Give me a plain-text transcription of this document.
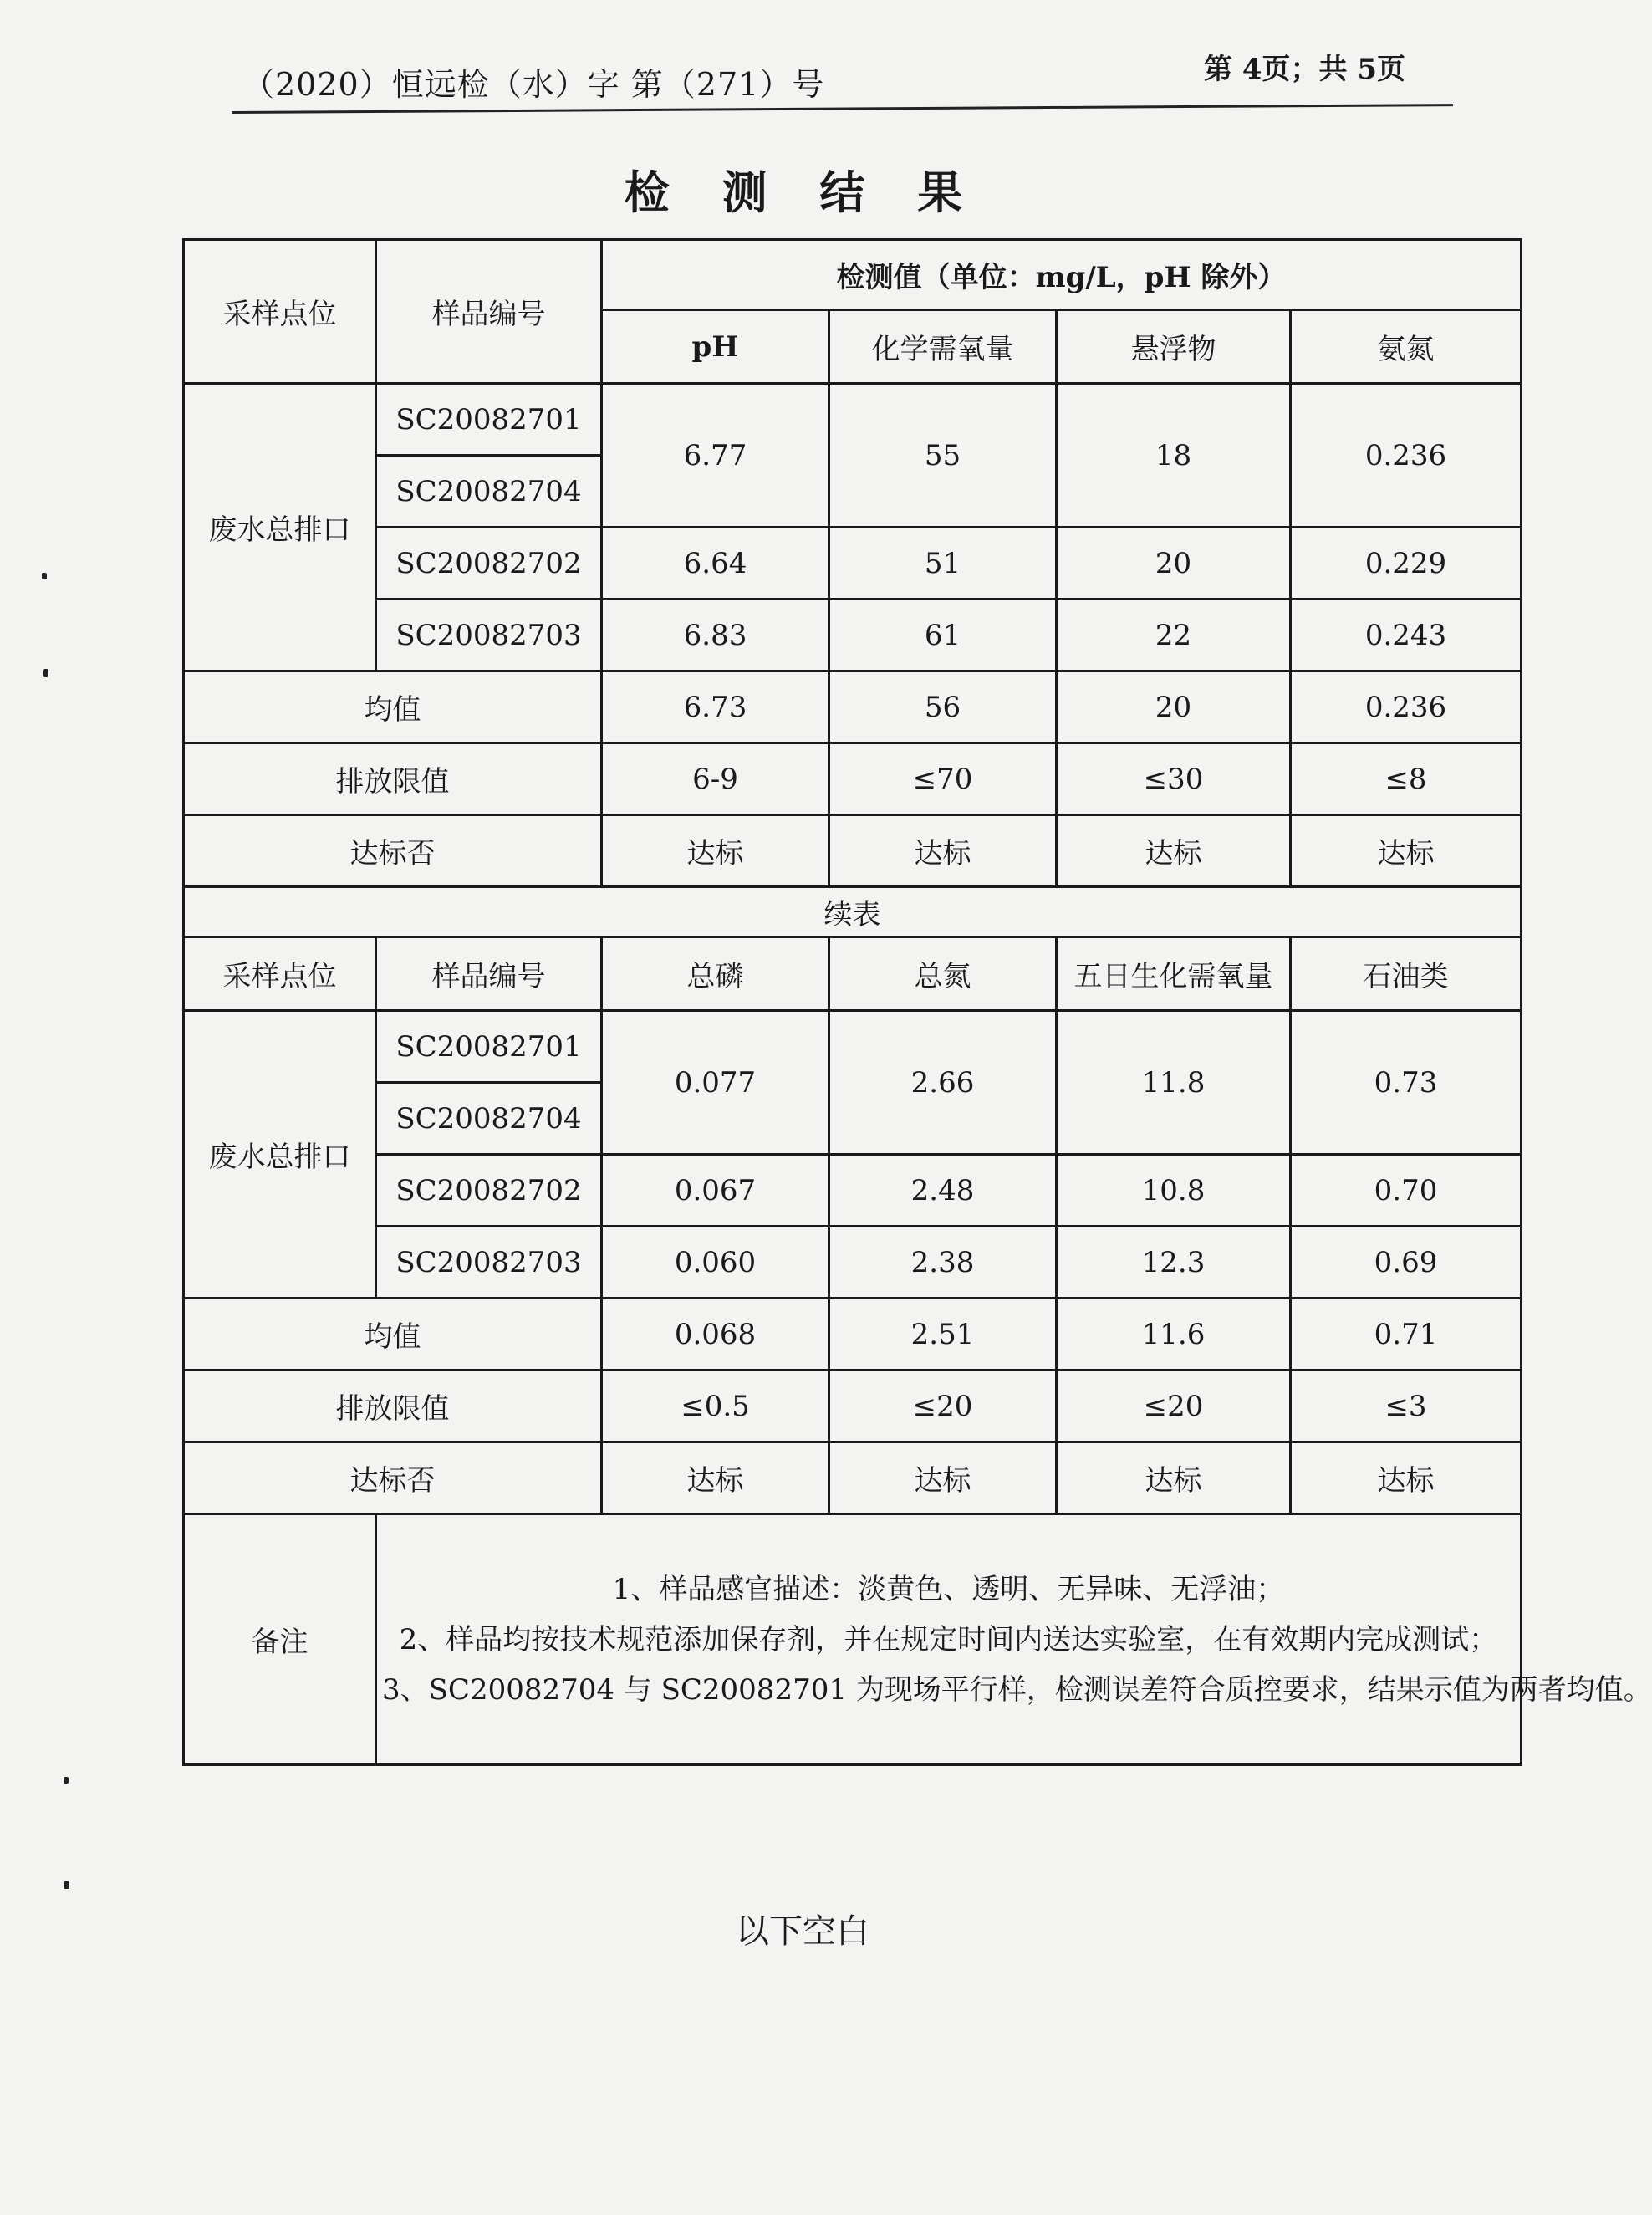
（2020）恒远检（水）字 第（271）号	第 4页；共 5页
检 测 结 果
采样点位	样品编号	检测值（单位：mg/L，pH 除外）			
		pH	化学需氧量	悬浮物	氨氮
废水总排口	SC20082701	6.77	55	18	0.236
	SC20082704				
	SC20082702	6.64	51	20	0.229
	SC20082703	6.83	61	22	0.243
均值		6.73	56	20	0.236
排放限值		6-9	≤70	≤30	≤8
达标否		达标	达标	达标	达标
续表					
采样点位	样品编号	总磷	总氮	五日生化需氧量	石油类
废水总排口	SC20082701	0.077	2.66	11.8	0.73
	SC20082704				
	SC20082702	0.067	2.48	10.8	0.70
	SC20082703	0.060	2.38	12.3	0.69
均值		0.068	2.51	11.6	0.71
排放限值		≤0.5	≤20	≤20	≤3
达标否		达标	达标	达标	达标
备注	1、样品感官描述：淡黄色、透明、无异味、无浮油；
2、样品均按技术规范添加保存剂，并在规定时间内送达实验室，在有效期内完成测试；
3、SC20082704 与 SC20082701 为现场平行样，检测误差符合质控要求，结果示值为两者均值。				
以下空白
